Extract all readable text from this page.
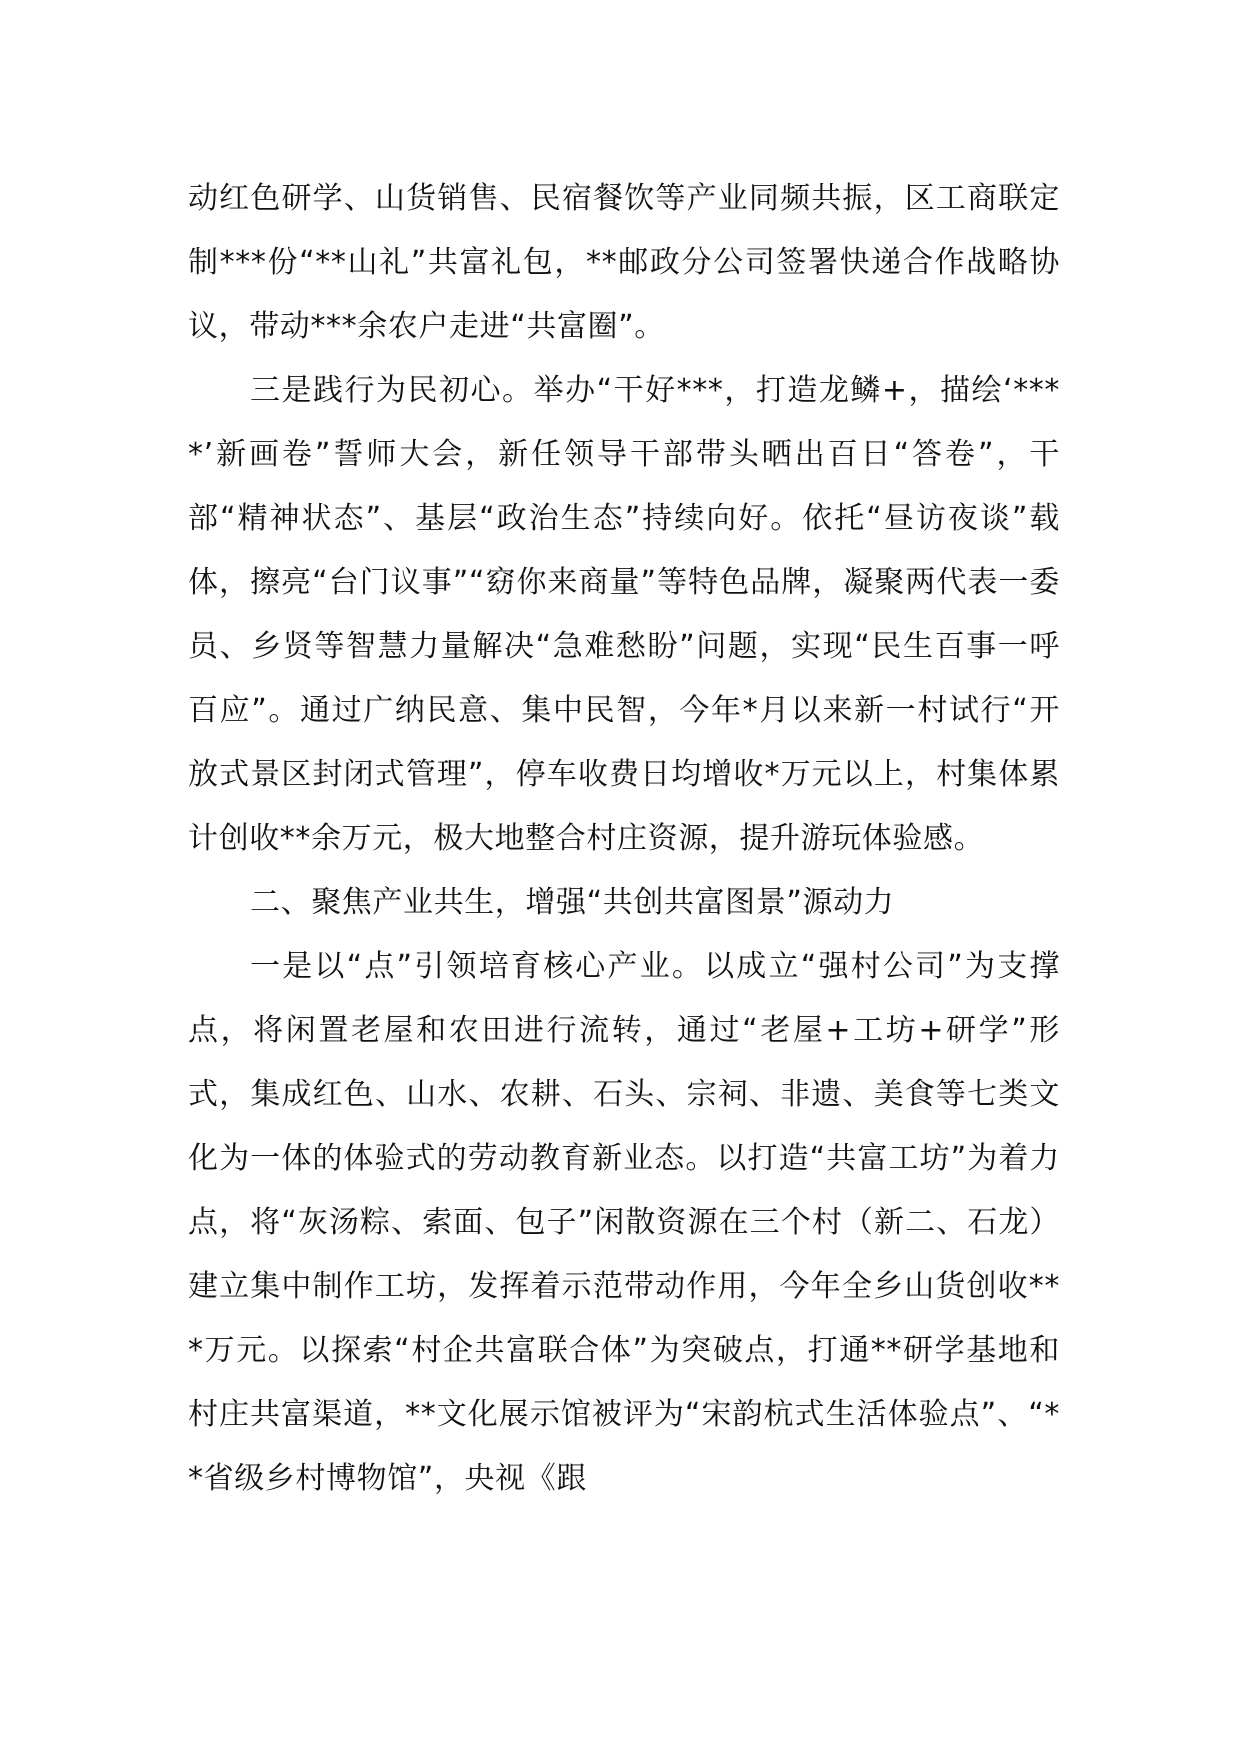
动红色研学、山货销售、民宿餐饮等产业同频共振，区工商联定制***份“**山礼”共富礼包，**邮政分公司签署快递合作战略协议，带动***余农户走进“共富圈”。

三是践行为民初心。举办“干好***，打造龙鳞+，描绘‘****’新画卷”誓师大会，新任领导干部带头晒出百日“答卷”，干部“精神状态”、基层“政治生态”持续向好。依托“昼访夜谈”载体，擦亮“台门议事”“窈你来商量”等特色品牌，凝聚两代表一委员、乡贤等智慧力量解决“急难愁盼”问题，实现“民生百事一呼百应”。通过广纳民意、集中民智，今年*月以来新一村试行“开放式景区封闭式管理”，停车收费日均增收*万元以上，村集体累计创收**余万元，极大地整合村庄资源，提升游玩体验感。

二、聚焦产业共生，增强“共创共富图景”源动力

一是以“点”引领培育核心产业。以成立“强村公司”为支撑点，将闲置老屋和农田进行流转，通过“老屋+工坊+研学”形式，集成红色、山水、农耕、石头、宗祠、非遗、美食等七类文化为一体的体验式的劳动教育新业态。以打造“共富工坊”为着力点，将“灰汤粽、索面、包子”闲散资源在三个村（新二、石龙）建立集中制作工坊，发挥着示范带动作用，今年全乡山货创收***万元。以探索“村企共富联合体”为突破点，打通**研学基地和村庄共富渠道，**文化展示馆被评为“宋韵杭式生活体验点”、“**省级乡村博物馆”，央视《跟
